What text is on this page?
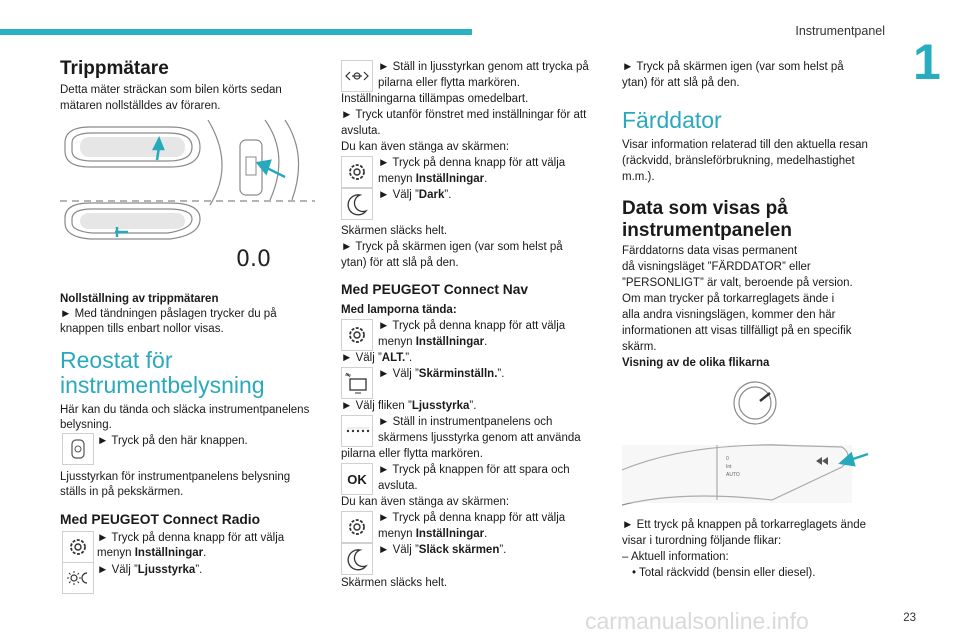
Instrumentpanel
1
23
carmanualsonline.info
Trippmätare

Detta mäter sträckan som bilen körts sedan

mätaren nollställdes av föraren.

0.0

Nollställning av trippmätaren

► Med tändningen påslagen trycker du på

knappen tills enbart nollor visas.

Reostat för
instrumentbelysning

Här kan du tända och släcka instrumentpanelens

belysning.

► Tryck på den här knappen.

Ljusstyrkan för instrumentpanelens belysning

ställs in på pekskärmen.

Med PEUGEOT Connect Radio

► Tryck på denna knapp för att välja

menyn Inställningar.

► Välj ”Ljusstyrka”.

► Ställ in ljusstyrkan genom att trycka på

pilarna eller flytta markören.

Inställningarna tillämpas omedelbart.

► Tryck utanför fönstret med inställningar för att

avsluta.

Du kan även stänga av skärmen:

► Tryck på denna knapp för att välja

menyn Inställningar.

► Välj ”Dark”.

Skärmen släcks helt.

► Tryck på skärmen igen (var som helst på

ytan) för att slå på den.

Med PEUGEOT Connect Nav

Med lamporna tända:

► Tryck på denna knapp för att välja

menyn Inställningar.

► Välj ”ALT.”.

► Välj ”Skärminställn.”.

► Välj fliken ”Ljusstyrka”.

► Ställ in instrumentpanelens och

skärmens ljusstyrka genom att använda

pilarna eller flytta markören.

OK

► Tryck på knappen för att spara och

avsluta.

Du kan även stänga av skärmen:

► Tryck på denna knapp för att välja

menyn Inställningar.

► Välj ”Släck skärmen”.

Skärmen släcks helt.

► Tryck på skärmen igen (var som helst på

ytan) för att slå på den.

Färddator

Visar information relaterad till den aktuella resan

(räckvidd, bränsleförbrukning, medelhastighet

m.m.).

Data som visas på
instrumentpanelen

Färddatorns data visas permanent

då visningsläget ”FÄRDDATOR” eller

”PERSONLIGT” är valt, beroende på version.

Om man trycker på torkarreglagets ände i

alla andra visningslägen, kommer den här

informationen att visas tillfälligt på en specifik

skärm.

Visning av de olika flikarna

0
Int
AUTO

► Ett tryck på knappen på torkarreglagets ände

visar i turordning följande flikar:

– Aktuell information:

• Total räckvidd (bensin eller diesel).
